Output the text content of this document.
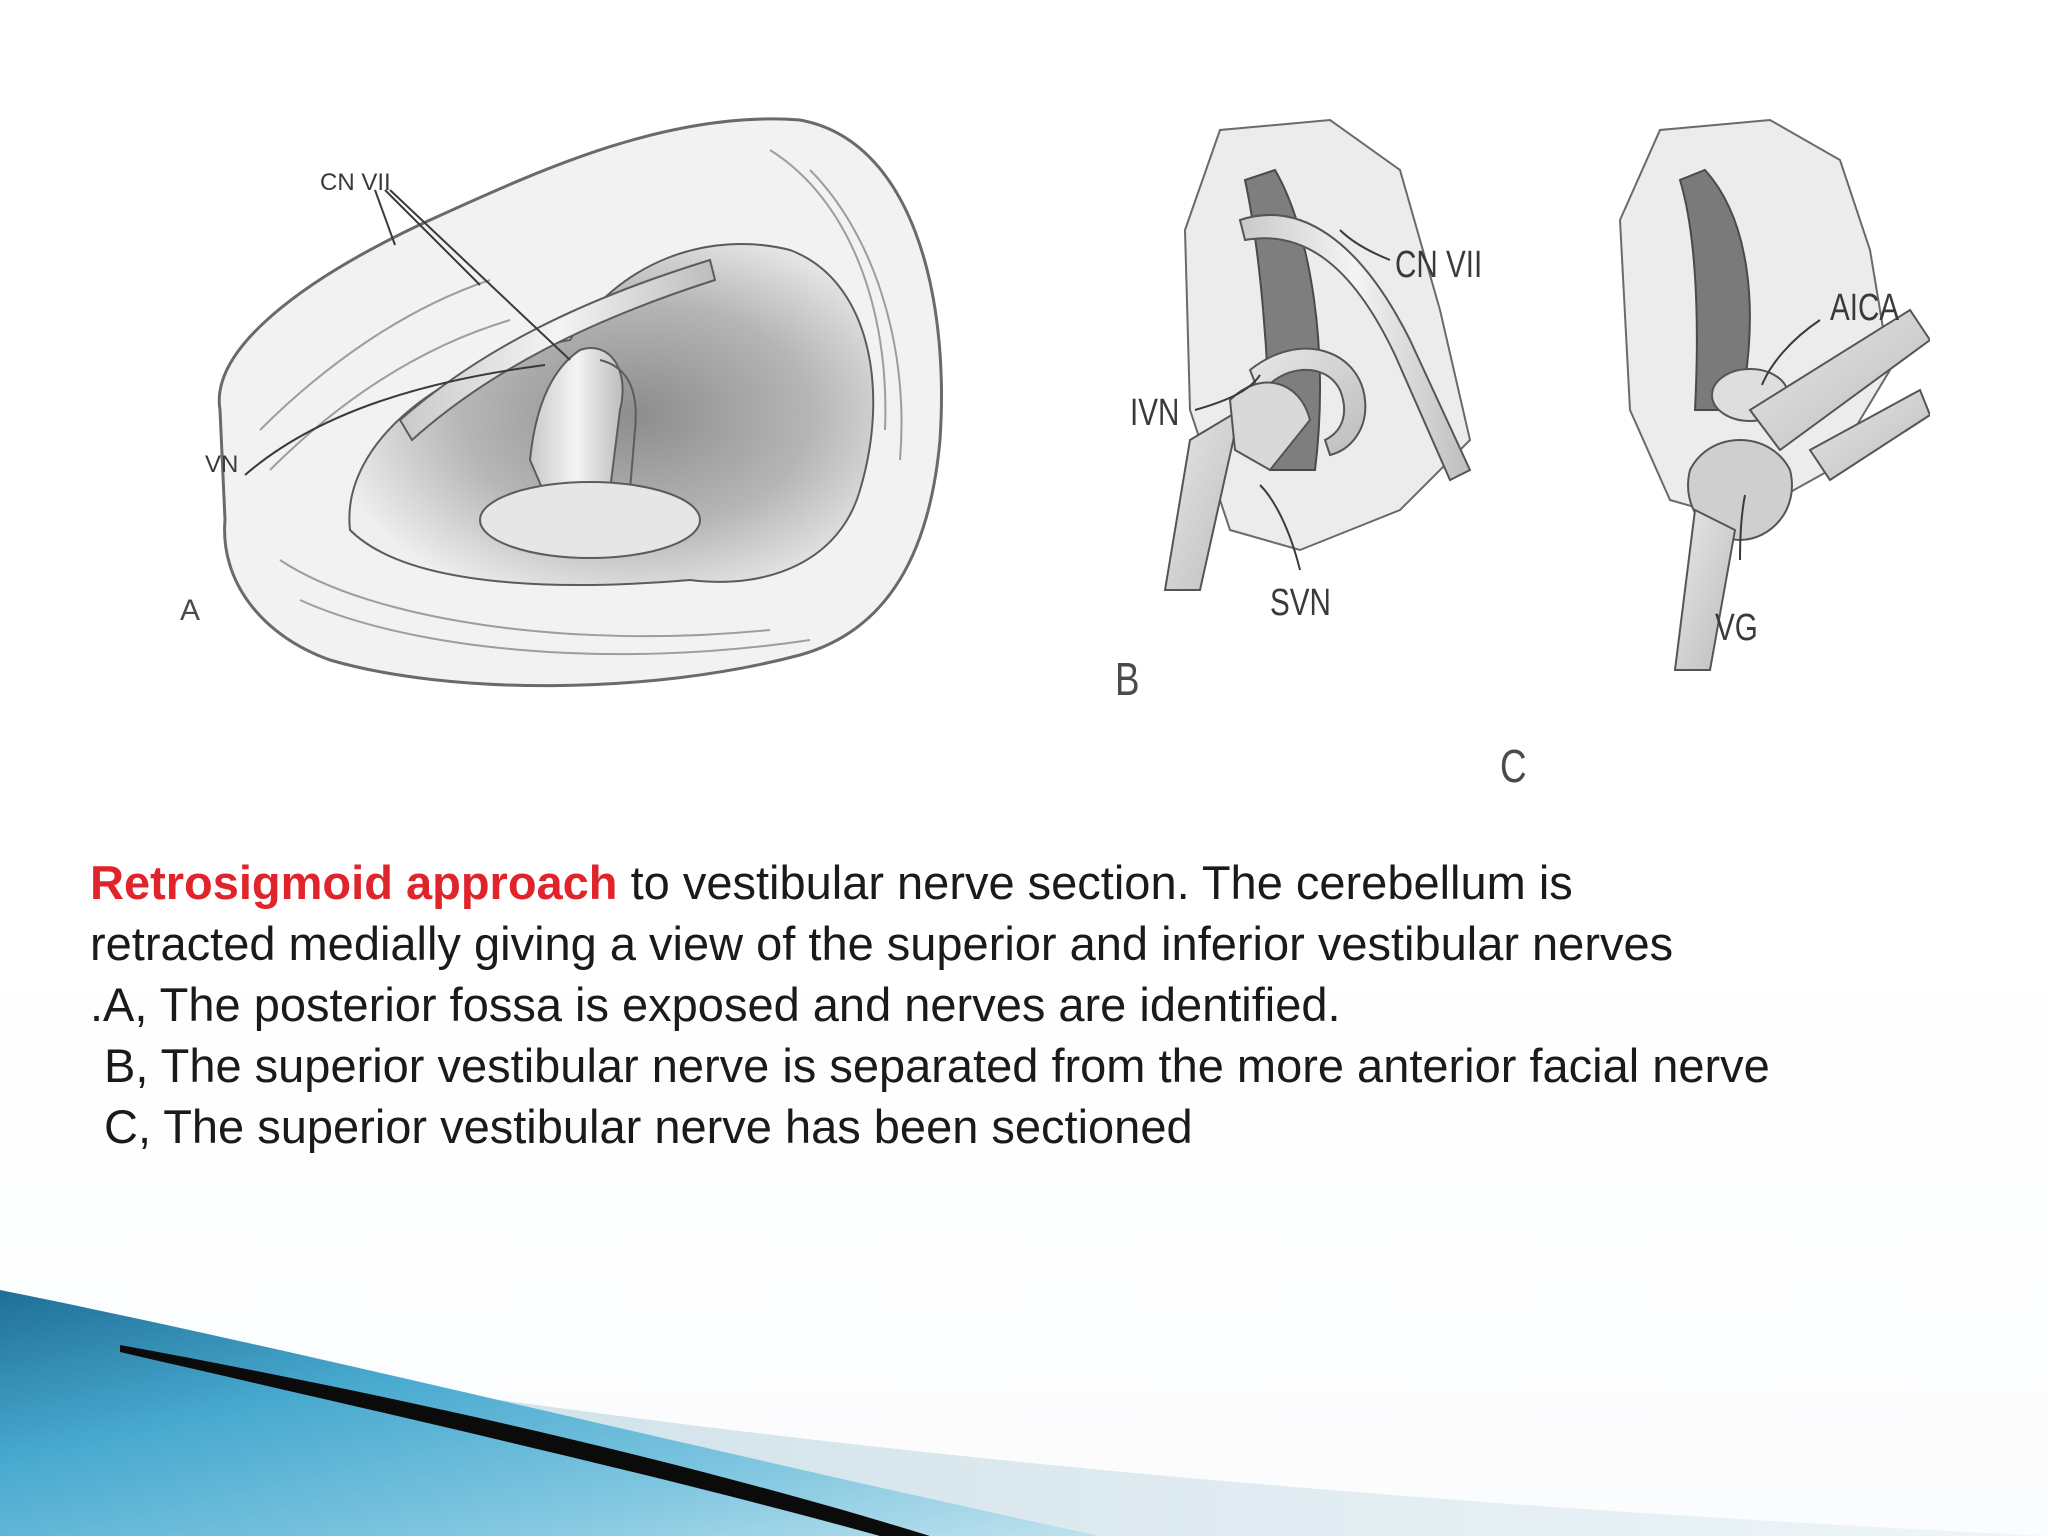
CN VII
VN
A
CN VII
IVN
SVN
B
AICA
VG
C
Retrosigmoid approach to vestibular nerve section. The cerebellum is
retracted medially giving a view of the superior and inferior vestibular nerves
.A, The posterior fossa is exposed and nerves are identified.
B, The superior vestibular nerve is separated from the more anterior facial nerve
C, The superior vestibular nerve has been sectioned
